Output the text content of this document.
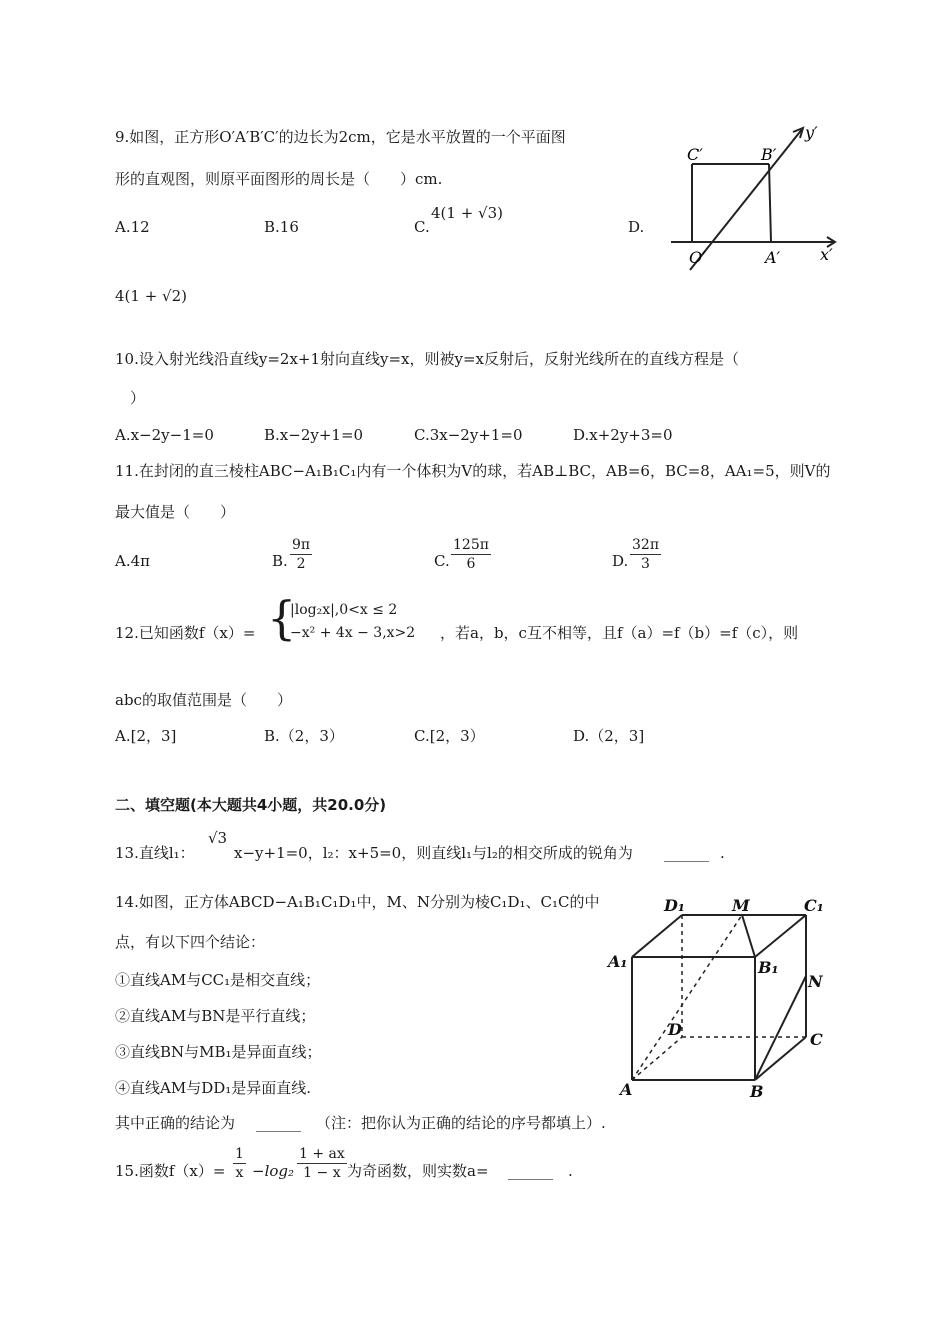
9.如图，正方形O′A′B′C′的边长为2cm，它是水平放置的一个平面图
形的直观图，则原平面图形的周长是（　　）cm.
A.12	B.16	C.
4(1 + √3)
D.
4(1 + √2)
C′	B′
O′	A′ x′
y′
10.设入射光线沿直线y=2x+1射向直线y=x，则被y=x反射后，反射光线所在的直线方程是（
）
A.x−2y−1=0	B.x−2y+1=0	C.3x−2y+1=0	D.x+2y+3=0
11.在封闭的直三棱柱ABC−A₁B₁C₁内有一个体积为V的球，若AB⊥BC，AB=6，BC=8，AA₁=5，则V的
最大值是（　　）
A.4π	B. $\frac{9\pi}{2}$	C. $\frac{125\pi}{6}$	D. $\frac{32\pi}{3}$
12.已知函数f（x）= {
|log₂x|,0<x ≤ 2
−x² + 4x − 3,x>2 ，若a，b，c互不相等，且f（a）=f（b）=f（c），则
abc的取值范围是（　　）
A.[2，3]	B.（2，3）	C.[2，3）	D.（2，3]
二、填空题(本大题共4小题，共20.0分)
13.直线l₁：
√3
x−y+1=0，l₂：x+5=0，则直线l₁与l₂的相交所成的锐角为 ______ .
14.如图，正方体ABCD−A₁B₁C₁D₁中，M、N分别为棱C₁D₁、C₁C的中
点，有以下四个结论：
①直线AM与CC₁是相交直线；
②直线AM与BN是平行直线；
③直线BN与MB₁是异面直线；
④直线AM与DD₁是异面直线.
其中正确的结论为 ______ （注：把你认为正确的结论的序号都填上）.
D₁	M	C₁
A₁	B₁
N
D
C
A	B
15.函数$f(x)= \frac{1}{x} -\log_2 \frac{1 + ax}{1 - x}$ 为奇函数，则实数a= ______ .
